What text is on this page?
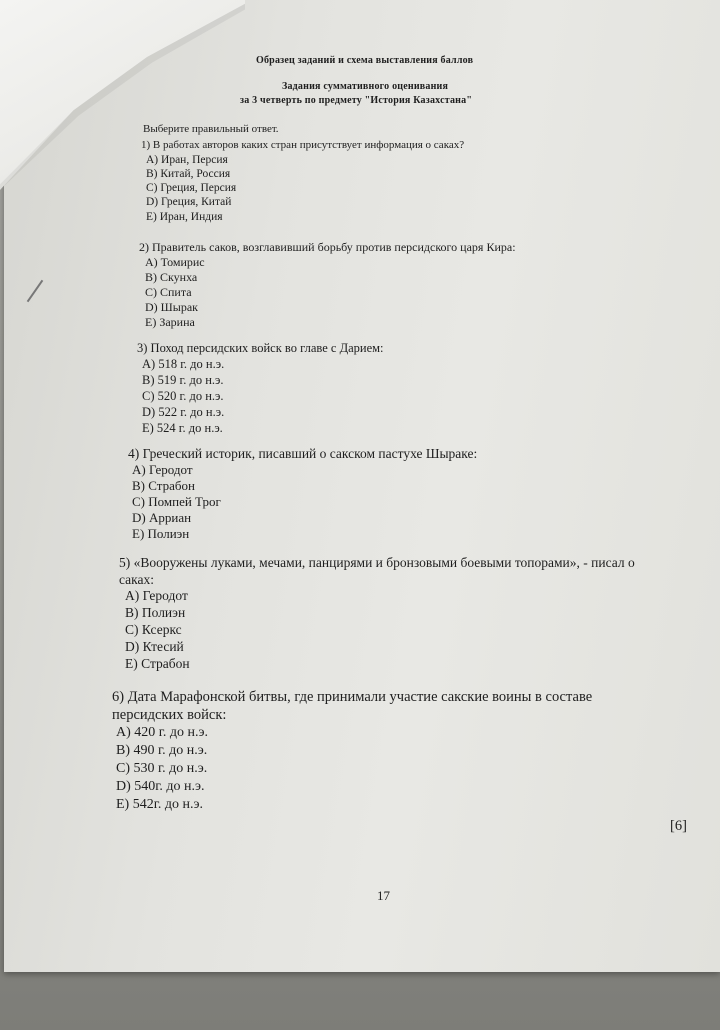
Образец заданий и схема выставления баллов
Задания суммативного оценивания
за 3 четверть по предмету "История Казахстана"
Выберите правильный ответ.
1) В работах авторов каких стран присутствует информация о саках?
А) Иран, Персия
В) Китай, Россия
С) Греция, Персия
D) Греция, Китай
Е) Иран, Индия
2) Правитель саков, возглавивший борьбу против персидского царя Кира:
А) Томирис
В) Скунха
С) Спита
D) Шырак
Е) Зарина
3) Поход персидских войск во главе с Дарием:
А) 518 г. до н.э.
В) 519 г. до н.э.
С) 520 г. до н.э.
D) 522 г. до н.э.
Е) 524 г. до н.э.
4) Греческий историк, писавший о сакском пастухе Шыраке:
А) Геродот
В) Страбон
С) Помпей Трог
D) Арриан
Е) Полиэн
5) «Вооружены луками, мечами, панцирями и бронзовыми боевыми топорами», - писал о
саках:
А) Геродот
В) Полиэн
С) Ксеркс
D) Ктесий
Е) Страбон
6) Дата Марафонской битвы, где принимали участие сакские воины в составе
персидских войск:
А) 420 г. до н.э.
В) 490 г. до н.э.
С) 530 г. до н.э.
D) 540г. до н.э.
Е) 542г. до н.э.
[6]
17
